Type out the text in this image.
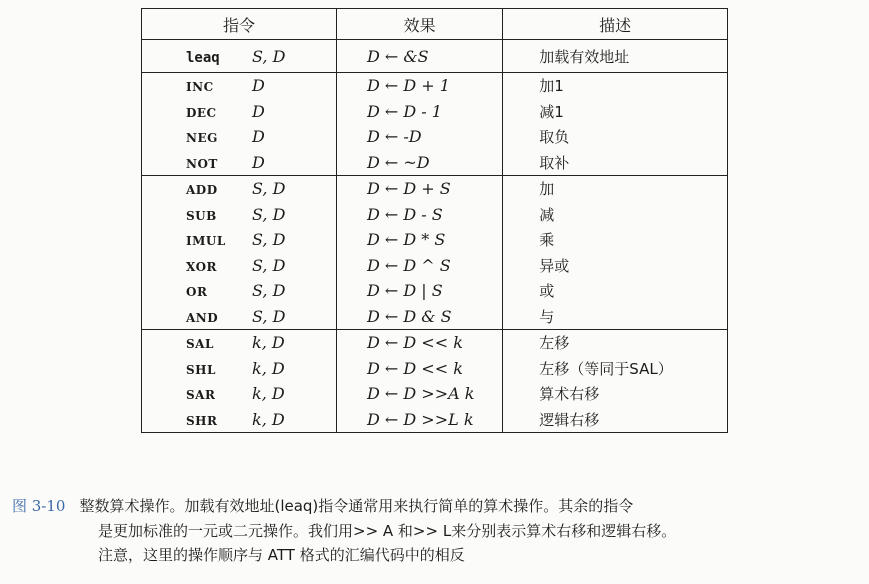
指令	效果	描述
leaq S, D	D ← &S	加载有效地址
INC D	D ← D + 1	加1
DEC D	D ← D - 1	减1
NEG D	D ← -D	取负
NOT D	D ← ~D	取补
ADD S, D	D ← D + S	加
SUB S, D	D ← D - S	减
IMUL S, D	D ← D * S	乘
XOR S, D	D ← D ^ S	异或
OR S, D	D ← D | S	或
AND S, D	D ← D & S	与
SAL k, D	D ← D << k	左移
SHL k, D	D ← D << k	左移（等同于SAL）
SAR k, D	D ← D >>A k	算术右移
SHR k, D	D ← D >>L k	逻辑右移
图 3-10 整数算术操作。加载有效地址(leaq)指令通常用来执行简单的算术操作。其余的指令
是更加标准的一元或二元操作。我们用>> A 和>> L来分别表示算术右移和逻辑右移。
注意，这里的操作顺序与 ATT 格式的汇编代码中的相反
